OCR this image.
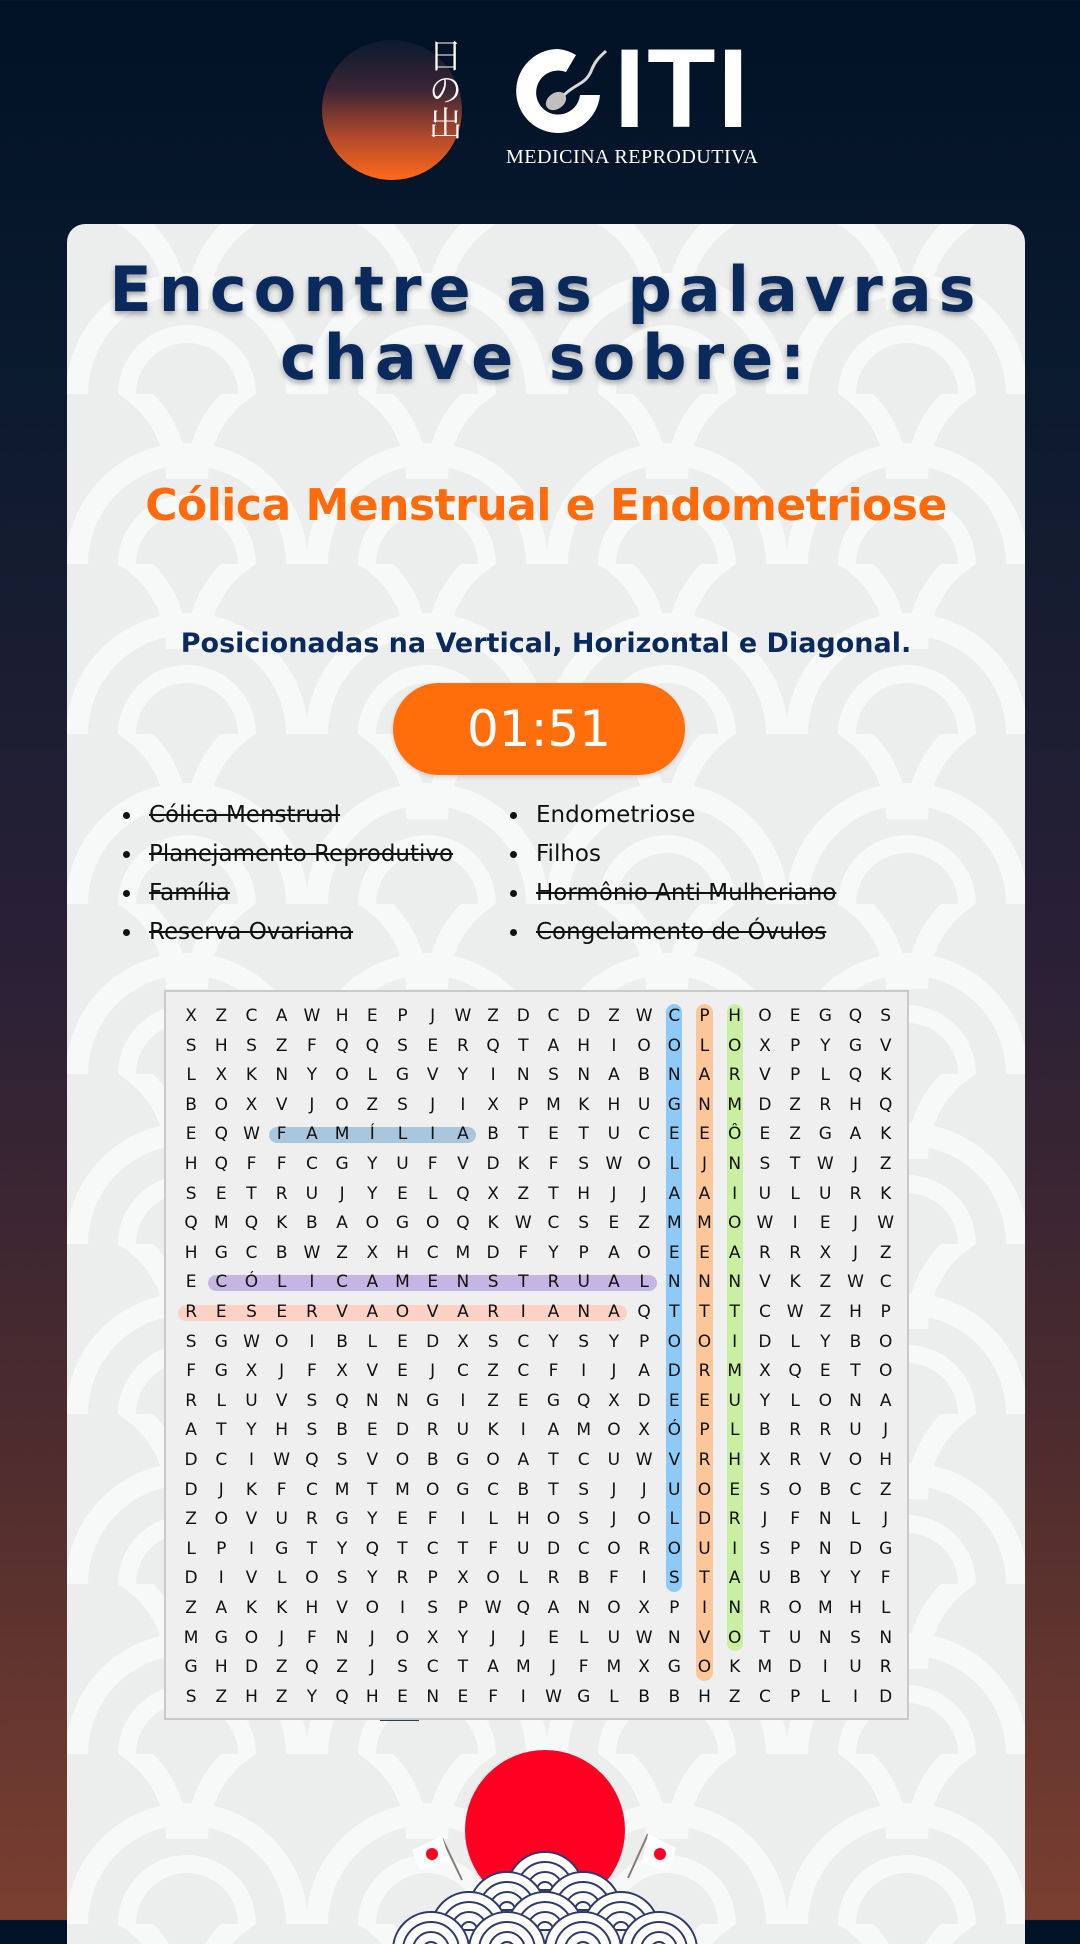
日の出 ITI
MEDICINA REPRODUTIVA
Encontre as palavras
chave sobre:
Cólica Menstrual e Endometriose
Posicionadas na Vertical, Horizontal e Diagonal.
01:51
Cólica Menstrual
Planejamento Reprodutivo
Família
Reserva Ovariana
Endometriose
Filhos
Hormônio Anti Mulheriano
Congelamento de Óvulos
X	Z	C	A W H	E	P	J	W Z	D	C	D	Z W C	P	H	O	E	G Q	S
S	H	S	Z	F	Q Q	S	E	R	Q	T	A	H	I	O O	L	O	X	P	Y	G	V
L	X	K	N	Y	O	L	G	V	Y	I	N	S	N	A	B	N	A	R	V	P	L	Q	K
B	O	X	V	J	O	Z	S	J	I	X	P	M	K	H	U	G	N M D	Z	R	H	Q
E	Q W F	A	M	Í	L	I	A	B	T	E	T	U	C	E	E	Ô	E	Z	G	A	K
H	Q	F	F	C	G	Y	U	F	V	D	K	F	S W O	L	J	N	S	T W	J	Z
S	E	T	R	U	J	Y	E	L	Q	X	Z	T	H	J	J	A	A	I	U	L	U	R	K
Q M Q	K	B	A	O G O Q	K W C	S	E	Z	M M O W	I	E	J	W
H	G	C	B W Z	X	H	C M D	F	Y	P	A	O	E	E	A	R	R	X	J	Z
E	C	Ó	L	I	C	A	M	E	N	S	T	R	U	A	L	N	N	N	V	K	Z W C
R	E	S	E	R	V	A	O	V	A	R	I	A	N	A	Q	T	T	T	C W Z	H	P
S	G W O	I	B	L	E	D	X	S	C	Y	S	Y	P	O O	I	D	L	Y	B	O
F	G	X	J	F	X	V	E	J	C	Z	C	F	I	J	A	D	R M	X	Q	E	T	O
R	L	U	V	S	Q	N	N	G	I	Z	E	G Q	X	D	E	E	U	Y	L	O	N	A
A	T	Y	H	S	B	E	D	R	U	K	I	A	M O	X	Ó	P	L	B	R	R	U	J
D	C	I	W Q	S	V	O	B	G O	A	T	C	U W V	R	H	X	R	V	O	H
D	J	K	F	C M	T	M O G	C	B	T	S	J	J	U	O	E	S	O	B	C	Z
Z	O	V	U	R	G	Y	E	F	I	L	H	O	S	J	O	L	D	R	J	F	N	L	J
L	P	I	G	T	Y	Q	T	C	T	F	U	D	C	O	R	O	U	I	S	P	N	D	G
D	I	V	L	O	S	Y	R	P	X	O	L	R	B	F	I	S	T	A	U	B	Y	Y	F
Z	A	K	K	H	V	O	I	S	P W Q	A	N	O	X	P	I	N	R	O M H	L
M G O	J	F	N	J	O	X	Y	J	J	E	L	U W N	V	O	T	U	N	S	N
G	H	D	Z	Q	Z	J	S	C	T	A	M	J	F	M	X	G O	K	M D	I	U	R
S	Z	H	Z	Y	Q	H	E	N	E	F	I	W G	L	B	B	H	Z	C	P	L	I	D
